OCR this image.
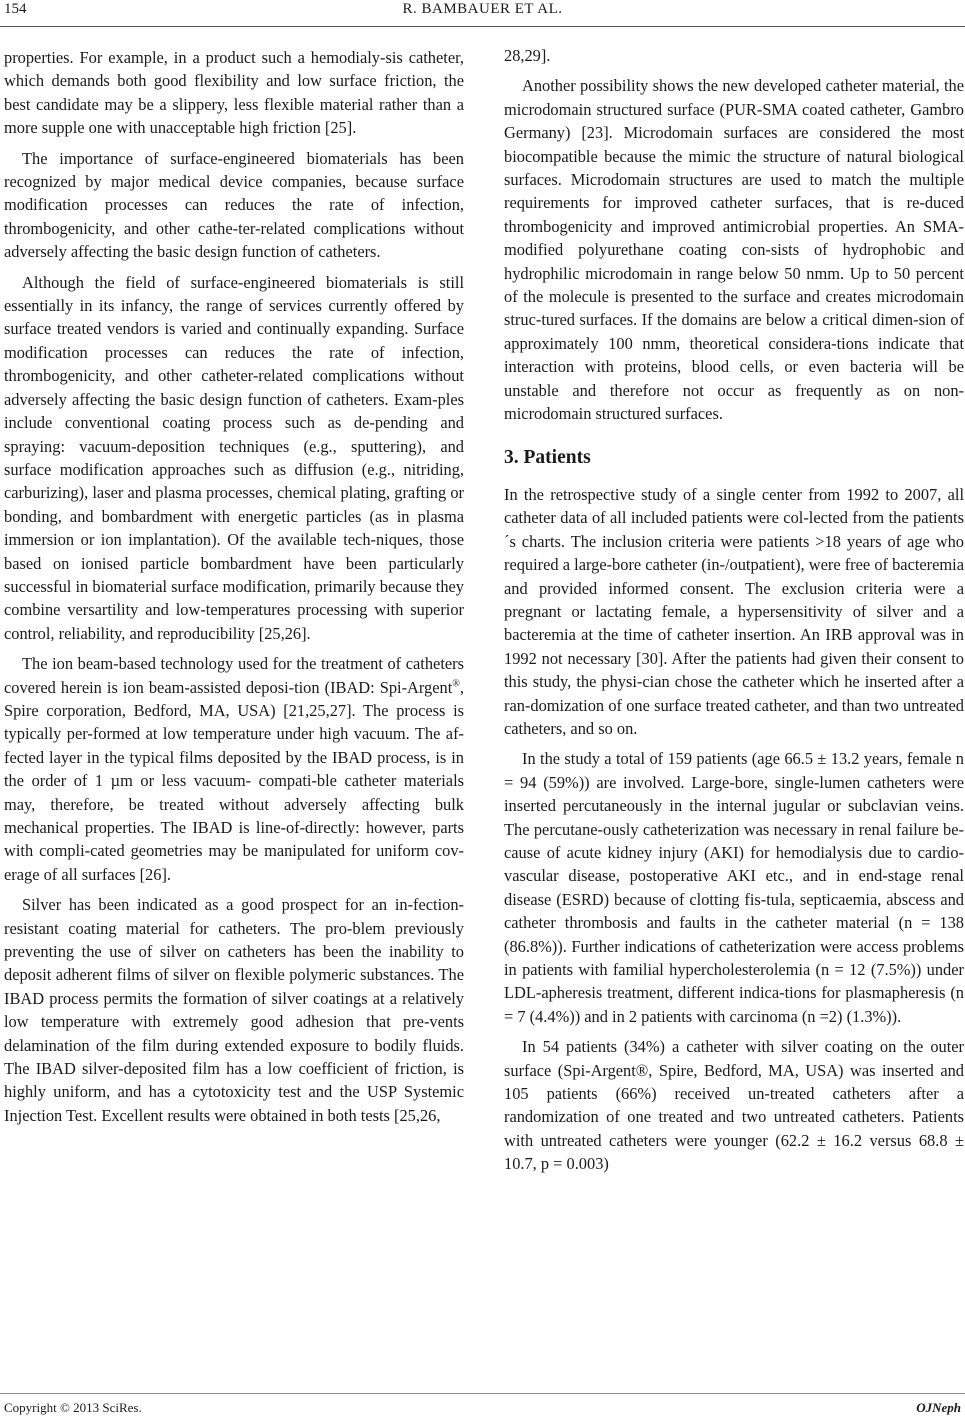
154	R. BAMBAUER ET AL.

properties. For example, in a product such a hemodialy-sis catheter, which demands both good flexibility and low surface friction, the best candidate may be a slippery, less flexible material rather than a more supple one with unacceptable high friction [25].

The importance of surface-engineered biomaterials has been recognized by major medical device companies, because surface modification processes can reduces the rate of infection, thrombogenicity, and other cathe-ter-related complications without adversely affecting the basic design function of catheters.

Although the field of surface-engineered biomaterials is still essentially in its infancy, the range of services currently offered by surface treated vendors is varied and continually expanding. Surface modification processes can reduces the rate of infection, thrombogenicity, and other catheter-related complications without adversely affecting the basic design function of catheters. Exam-ples include conventional coating process such as de-pending and spraying: vacuum-deposition techniques (e.g., sputtering), and surface modification approaches such as diffusion (e.g., nitriding, carburizing), laser and plasma processes, chemical plating, grafting or bonding, and bombardment with energetic particles (as in plasma immersion or ion implantation). Of the available tech-niques, those based on ionised particle bombardment have been particularly successful in biomaterial surface modification, primarily because they combine versartility and low-temperatures processing with superior control, reliability, and reproducibility [25,26].

The ion beam-based technology used for the treatment of catheters covered herein is ion beam-assisted deposi-tion (IBAD: Spi-Argent®, Spire corporation, Bedford, MA, USA) [21,25,27]. The process is typically per-formed at low temperature under high vacuum. The af-fected layer in the typical films deposited by the IBAD process, is in the order of 1 µm or less vacuum- compati-ble catheter materials may, therefore, be treated without adversely affecting bulk mechanical properties. The IBAD is line-of-directly: however, parts with compli-cated geometries may be manipulated for uniform cov-erage of all surfaces [26].

Silver has been indicated as a good prospect for an in-fection-resistant coating material for catheters. The pro-blem previously preventing the use of silver on catheters has been the inability to deposit adherent films of silver on flexible polymeric substances. The IBAD process permits the formation of silver coatings at a relatively low temperature with extremely good adhesion that pre-vents delamination of the film during extended exposure to bodily fluids. The IBAD silver-deposited film has a low coefficient of friction, is highly uniform, and has a cytotoxicity test and the USP Systemic Injection Test. Excellent results were obtained in both tests [25,26,

28,29].

Another possibility shows the new developed catheter material, the microdomain structured surface (PUR-SMA coated catheter, Gambro Germany) [23]. Microdomain surfaces are considered the most biocompatible because the mimic the structure of natural biological surfaces. Microdomain structures are used to match the multiple requirements for improved catheter surfaces, that is re-duced thrombogenicity and improved antimicrobial properties. An SMA-modified polyurethane coating con-sists of hydrophobic and hydrophilic microdomain in range below 50 nmm. Up to 50 percent of the molecule is presented to the surface and creates microdomain struc-tured surfaces. If the domains are below a critical dimen-sion of approximately 100 nmm, theoretical considera-tions indicate that interaction with proteins, blood cells, or even bacteria will be unstable and therefore not occur as frequently as on non-microdomain structured surfaces.

3. Patients

In the retrospective study of a single center from 1992 to 2007, all catheter data of all included patients were col-lected from the patients´s charts. The inclusion criteria were patients >18 years of age who required a large-bore catheter (in-/outpatient), were free of bacteremia and provided informed consent. The exclusion criteria were a pregnant or lactating female, a hypersensitivity of silver and a bacteremia at the time of catheter insertion. An IRB approval was in 1992 not necessary [30]. After the patients had given their consent to this study, the physi-cian chose the catheter which he inserted after a ran-domization of one surface treated catheter, and than two untreated catheters, and so on.

In the study a total of 159 patients (age 66.5 ± 13.2 years, female n = 94 (59%)) are involved. Large-bore, single-lumen catheters were inserted percutaneously in the internal jugular or subclavian veins. The percutane-ously catheterization was necessary in renal failure be-cause of acute kidney injury (AKI) for hemodialysis due to cardio-vascular disease, postoperative AKI etc., and in end-stage renal disease (ESRD) because of clotting fis-tula, septicaemia, abscess and catheter thrombosis and faults in the catheter material (n = 138 (86.8%)). Further indications of catheterization were access problems in patients with familial hypercholesterolemia (n = 12 (7.5%)) under LDL-apheresis treatment, different indica-tions for plasmapheresis (n = 7 (4.4%)) and in 2 patients with carcinoma (n =2) (1.3%)).

In 54 patients (34%) a catheter with silver coating on the outer surface (Spi-Argent®, Spire, Bedford, MA, USA) was inserted and 105 patients (66%) received un-treated catheters after a randomization of one treated and two untreated catheters. Patients with untreated catheters were younger (62.2 ± 16.2 versus 68.8 ± 10.7, p = 0.003)

Copyright © 2013 SciRes.	OJNeph
